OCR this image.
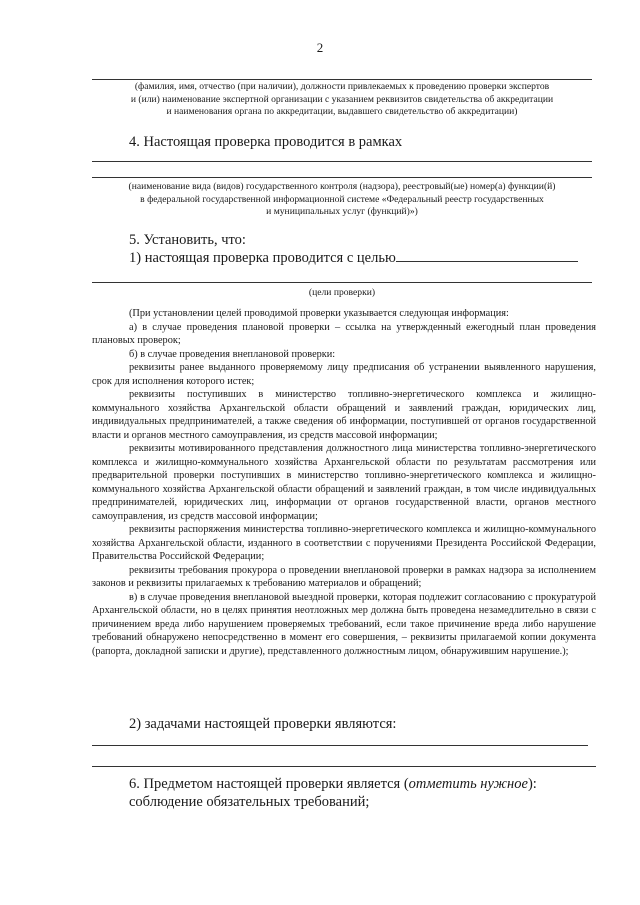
2
(фамилия, имя, отчество (при наличии), должности привлекаемых к проведению проверки экспертов
и (или) наименование экспертной организации с указанием реквизитов свидетельства об аккредитации
и наименования органа по аккредитации, выдавшего свидетельство об аккредитации)
4. Настоящая проверка проводится в рамках
(наименование вида (видов) государственного контроля (надзора), реестровый(ые) номер(а) функции(й)
в федеральной государственной информационной системе «Федеральный реестр государственных
и муниципальных услуг (функций)»)
5. Установить, что:
1) настоящая проверка проводится с целью
(цели проверки)

(При установлении целей проводимой проверки указывается следующая информация:

а) в случае проведения плановой проверки – ссылка на утвержденный ежегодный план проведения плановых проверок;

б) в случае проведения внеплановой проверки:

реквизиты ранее выданного проверяемому лицу предписания об устранении выявленного нарушения, срок для исполнения которого истек;

реквизиты поступивших в министерство топливно-энергетического комплекса и жилищно-коммунального хозяйства Архангельской области обращений и заявлений граждан, юридических лиц, индивидуальных предпринимателей, а также сведения об информации, поступившей от органов государственной власти и органов местного самоуправления, из средств массовой информации;

реквизиты мотивированного представления должностного лица министерства топливно-энергетического комплекса и жилищно-коммунального хозяйства Архангельской области по результатам рассмотрения или предварительной проверки поступивших в министерство топливно-энергетического комплекса и жилищно-коммунального хозяйства Архангельской области обращений и заявлений граждан, в том числе индивидуальных предпринимателей, юридических лиц, информации от органов государственной власти, органов местного самоуправления, из средств массовой информации;

реквизиты распоряжения министерства топливно-энергетического комплекса и жилищно-коммунального хозяйства Архангельской области, изданного в соответствии с поручениями Президента Российской Федерации, Правительства Российской Федерации;

реквизиты требования прокурора о проведении внеплановой проверки в рамках надзора за исполнением законов и реквизиты прилагаемых к требованию материалов и обращений;

в) в случае проведения внеплановой выездной проверки, которая подлежит согласованию с прокуратурой Архангельской области, но в целях принятия неотложных мер должна быть проведена незамедлительно в связи с причинением вреда либо нарушением проверяемых требований, если такое причинение вреда либо нарушение требований обнаружено непосредственно в момент его совершения, – реквизиты прилагаемой копии документа (рапорта, докладной записки и другие), представленного должностным лицом, обнаружившим нарушение.);

2) задачами настоящей проверки являются:
6. Предметом настоящей проверки является (отметить нужное):
соблюдение обязательных требований;
